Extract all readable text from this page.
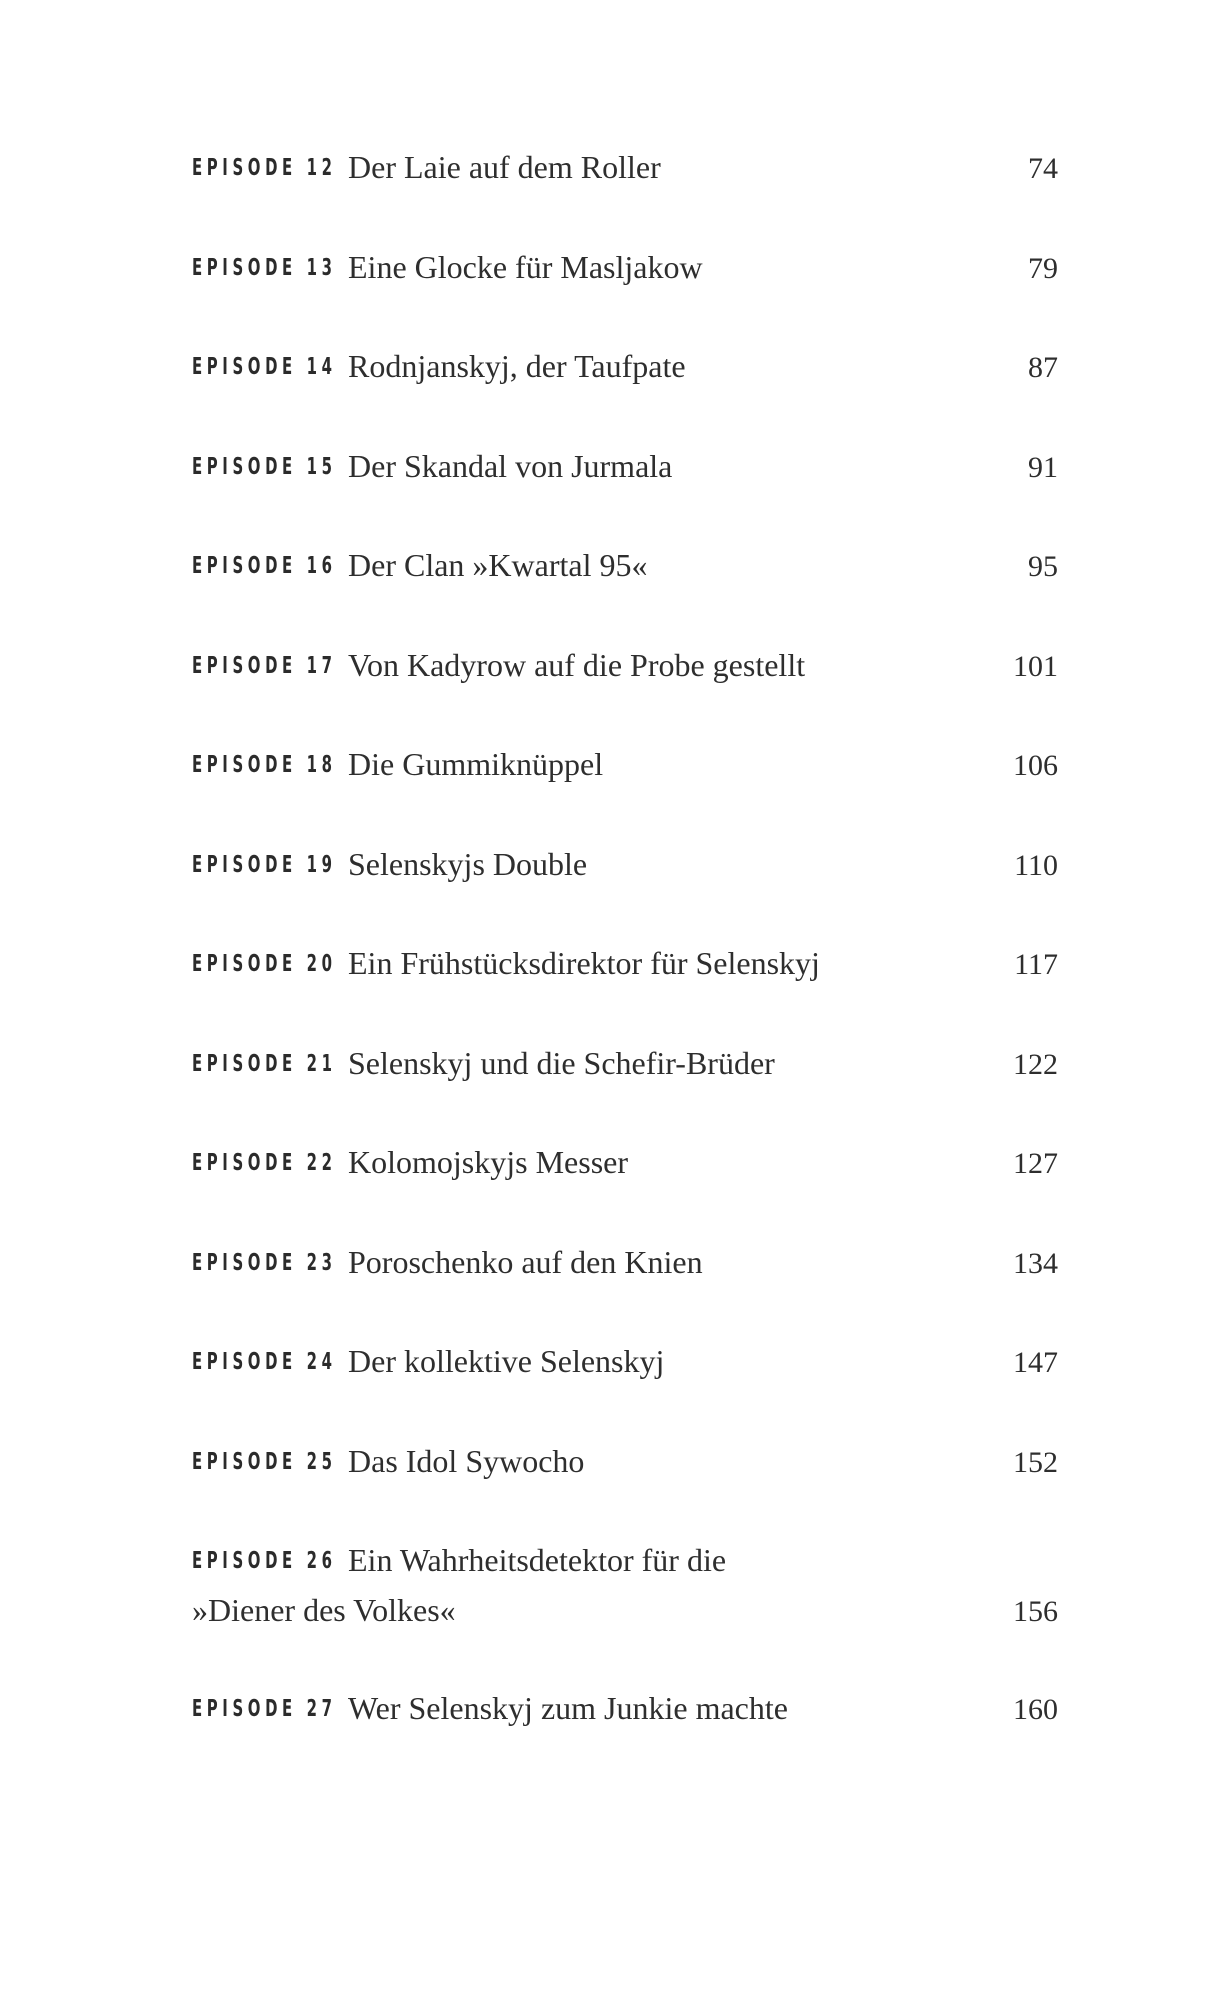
EPISODE 12 Der Laie auf dem Roller	74
EPISODE 13 Eine Glocke für Masljakow	79
EPISODE 14 Rodnjanskyj, der Taufpate	87
EPISODE 15 Der Skandal von Jurmala	91
EPISODE 16 Der Clan »Kwartal 95«	95
EPISODE 17 Von Kadyrow auf die Probe gestellt	101
EPISODE 18 Die Gummiknüppel	106
EPISODE 19 Selenskyjs Double	110
EPISODE 20 Ein Frühstücksdirektor für Selenskyj	117
EPISODE 21 Selenskyj und die Schefir-Brüder	122
EPISODE 22 Kolomojskyjs Messer	127
EPISODE 23 Poroschenko auf den Knien	134
EPISODE 24 Der kollektive Selenskyj	147
EPISODE 25 Das Idol Sywocho	152
EPISODE 26 Ein Wahrheitsdetektor für die
»Diener des Volkes«	156
EPISODE 27 Wer Selenskyj zum Junkie machte	160
